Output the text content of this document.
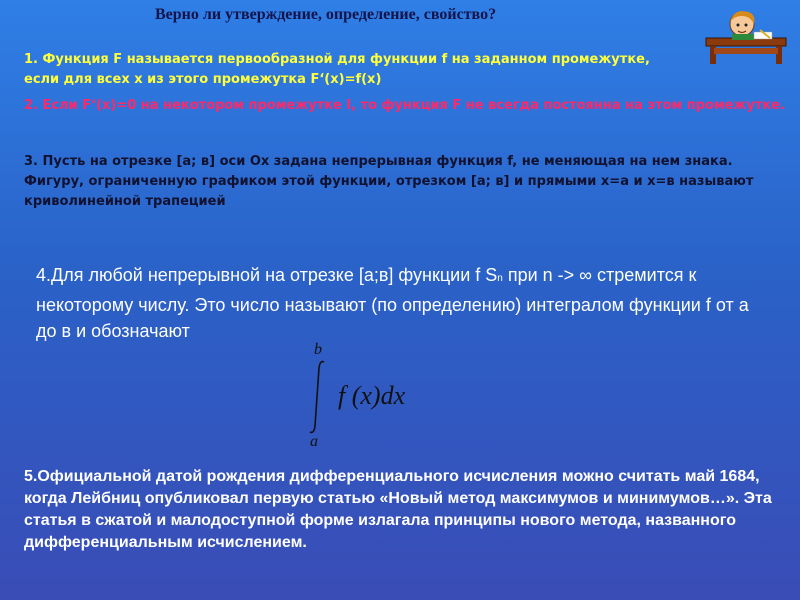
Верно ли утверждение, определение, свойство?
1. Функция F называется первообразной для функции f на заданном промежутке, если для всех x из этого промежутка F‘(x)=f(x)
2. Если F‘(x)=0 на некотором промежутке I, то функция F не всегда постоянна на этом промежутке.
3. Пусть на отрезке [a; в] оси Ох задана непрерывная функция f, не меняющая на нем знака. Фигуру, ограниченную графиком этой функции, отрезком [a; в] и прямыми x=a и x=в называют криволинейной трапецией
4.Для любой непрерывной на отрезке [a;в] функции f Sn при n -> ∞ стремится к некоторому числу. Это число называют (по определению) интегралом функции f от a до в и обозначают
b
a
f (x)dx
5.Официальной датой рождения дифференциального исчисления можно считать май 1684, когда Лейбниц опубликовал первую статью «Новый метод максимумов и минимумов…». Эта статья в сжатой и малодоступной форме излагала принципы нового метода, названного дифференциальным исчислением.
